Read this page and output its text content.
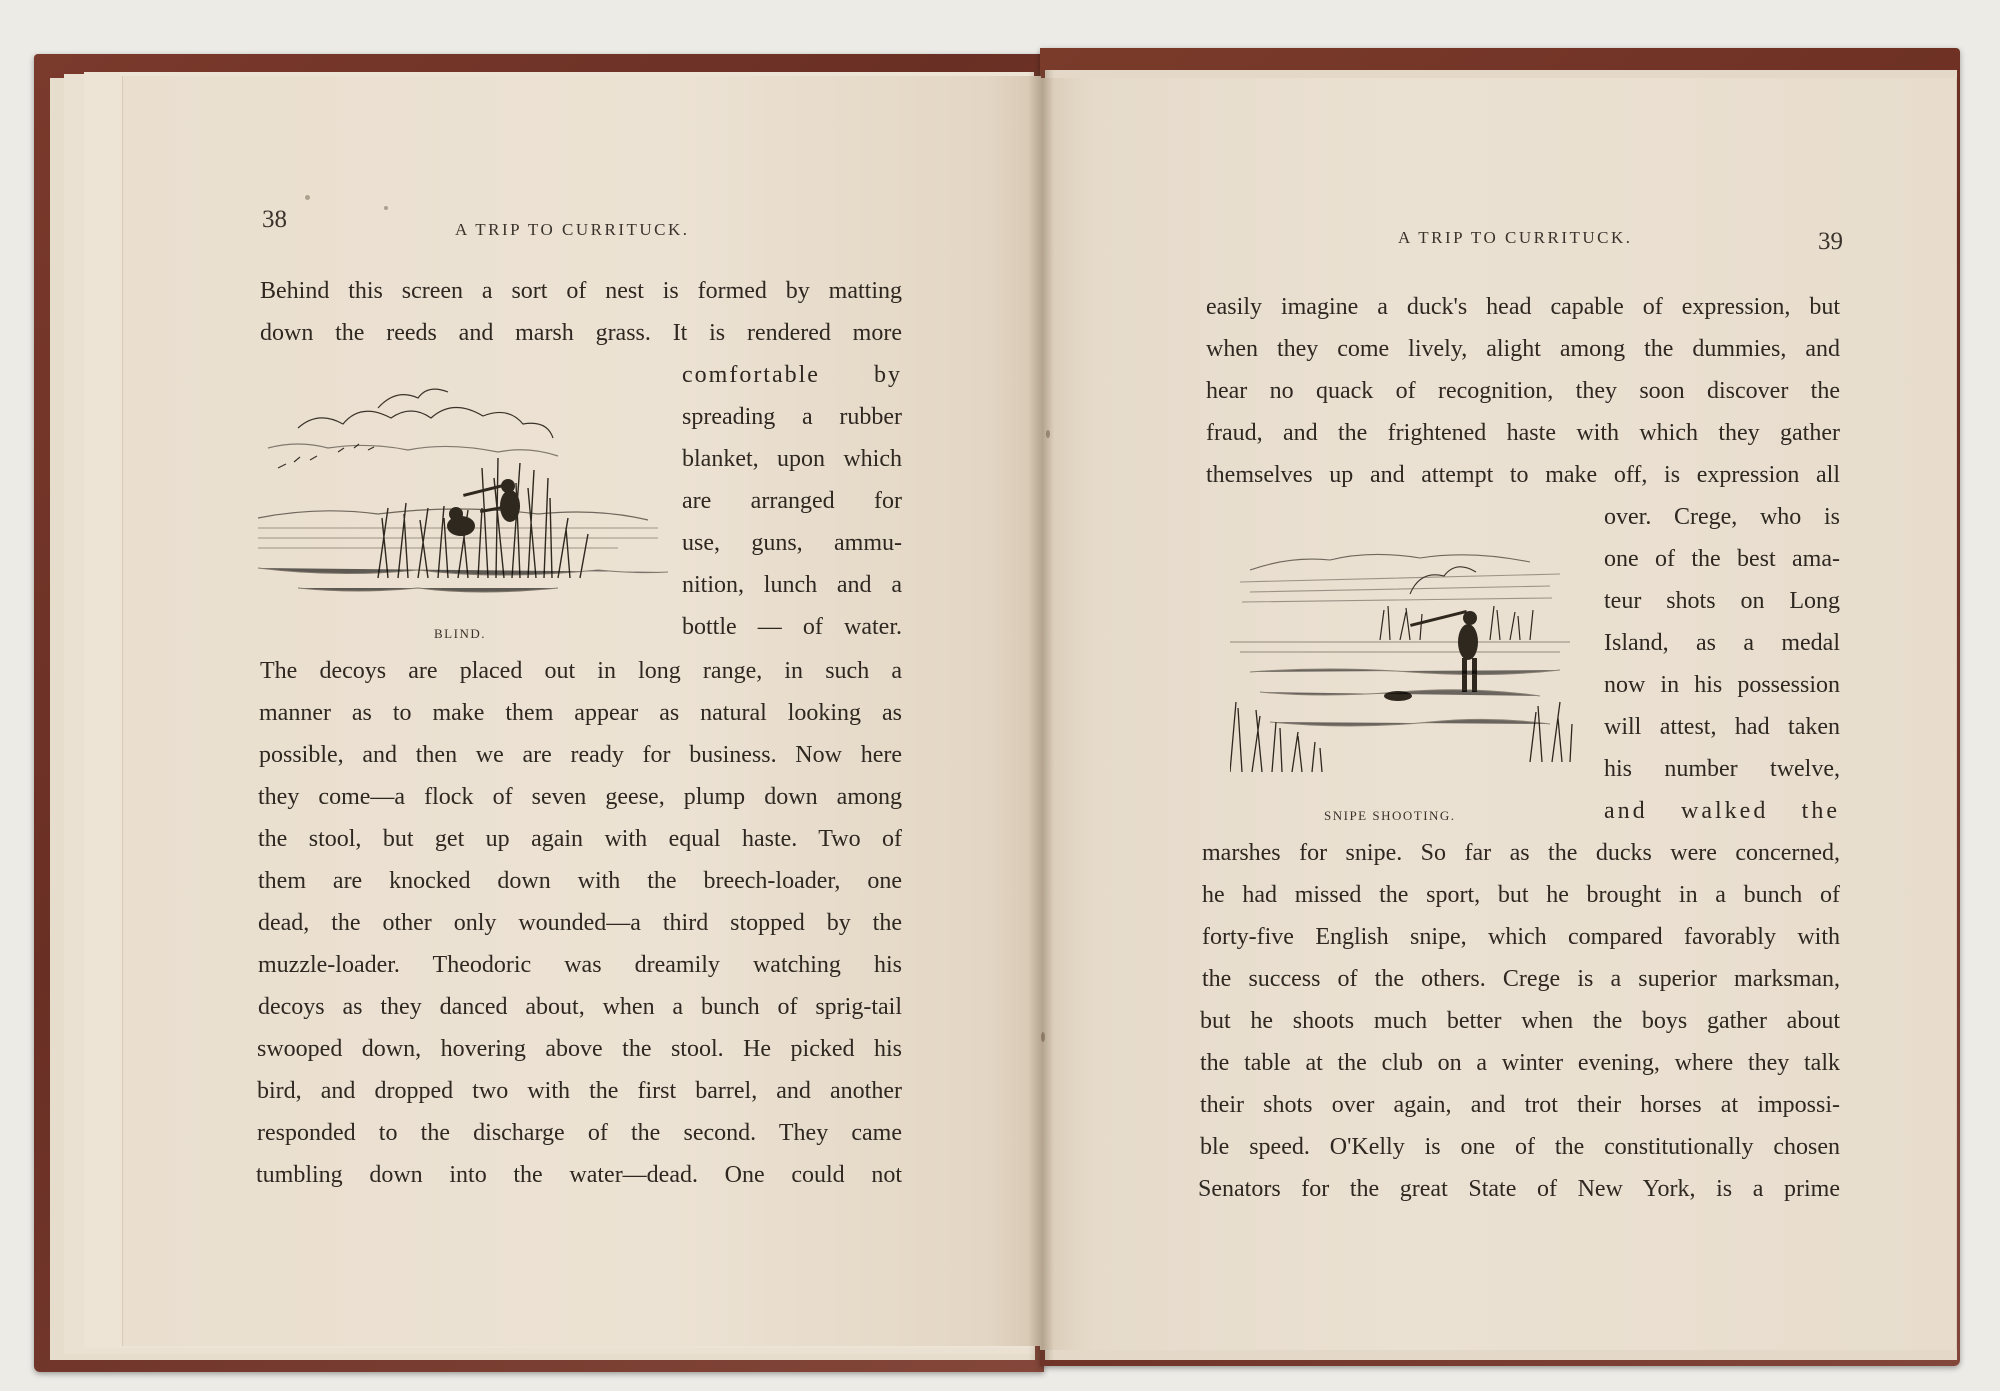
38	A TRIP TO CURRITUCK.	A TRIP TO CURRITUCK.	39
Behind this screen a sort of nest is formed by matting
down the reeds and marsh grass. It is rendered more
comfortable by
spreading a rubber
blanket, upon which
are arranged for
use, guns, ammu-
nition, lunch and a
bottle — of water.
The decoys are placed out in long range, in such a
manner as to make them appear as natural looking as
possible, and then we are ready for business. Now here
they come—a flock of seven geese, plump down among
the stool, but get up again with equal haste. Two of
them are knocked down with the breech-loader, one
dead, the other only wounded—a third stopped by the
muzzle-loader. Theodoric was dreamily watching his
decoys as they danced about, when a bunch of sprig-tail
swooped down, hovering above the stool. He picked his
bird, and dropped two with the first barrel, and another
responded to the discharge of the second. They came
tumbling down into the water—dead. One could not
BLIND.
easily imagine a duck's head capable of expression, but
when they come lively, alight among the dummies, and
hear no quack of recognition, they soon discover the
fraud, and the frightened haste with which they gather
themselves up and attempt to make off, is expression all
over. Crege, who is
one of the best ama-
teur shots on Long
Island, as a medal
now in his possession
will attest, had taken
his number twelve,
and walked the
marshes for snipe. So far as the ducks were concerned,
he had missed the sport, but he brought in a bunch of
forty-five English snipe, which compared favorably with
the success of the others. Crege is a superior marksman,
but he shoots much better when the boys gather about
the table at the club on a winter evening, where they talk
their shots over again, and trot their horses at impossi-
ble speed. O'Kelly is one of the constitutionally chosen
Senators for the great State of New York, is a prime
SNIPE SHOOTING.
